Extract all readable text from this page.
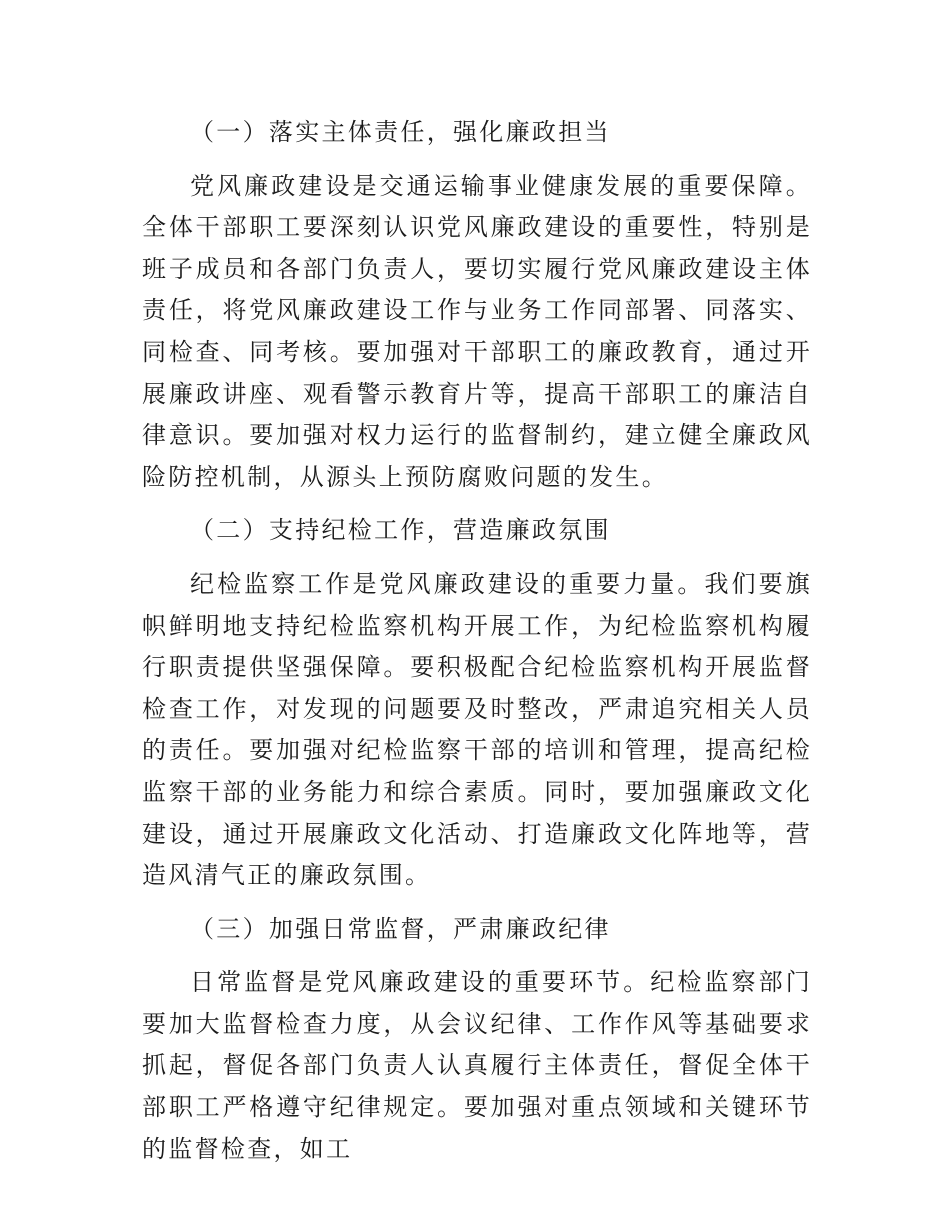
（一）落实主体责任，强化廉政担当

党风廉政建设是交通运输事业健康发展的重要保障。全体干部职工要深刻认识党风廉政建设的重要性，特别是班子成员和各部门负责人，要切实履行党风廉政建设主体责任，将党风廉政建设工作与业务工作同部署、同落实、同检查、同考核。要加强对干部职工的廉政教育，通过开展廉政讲座、观看警示教育片等，提高干部职工的廉洁自律意识。要加强对权力运行的监督制约，建立健全廉政风险防控机制，从源头上预防腐败问题的发生。

（二）支持纪检工作，营造廉政氛围

纪检监察工作是党风廉政建设的重要力量。我们要旗帜鲜明地支持纪检监察机构开展工作，为纪检监察机构履行职责提供坚强保障。要积极配合纪检监察机构开展监督检查工作，对发现的问题要及时整改，严肃追究相关人员的责任。要加强对纪检监察干部的培训和管理，提高纪检监察干部的业务能力和综合素质。同时，要加强廉政文化建设，通过开展廉政文化活动、打造廉政文化阵地等，营造风清气正的廉政氛围。

（三）加强日常监督，严肃廉政纪律

日常监督是党风廉政建设的重要环节。纪检监察部门要加大监督检查力度，从会议纪律、工作作风等基础要求抓起，督促各部门负责人认真履行主体责任，督促全体干部职工严格遵守纪律规定。要加强对重点领域和关键环节的监督检查，如工
